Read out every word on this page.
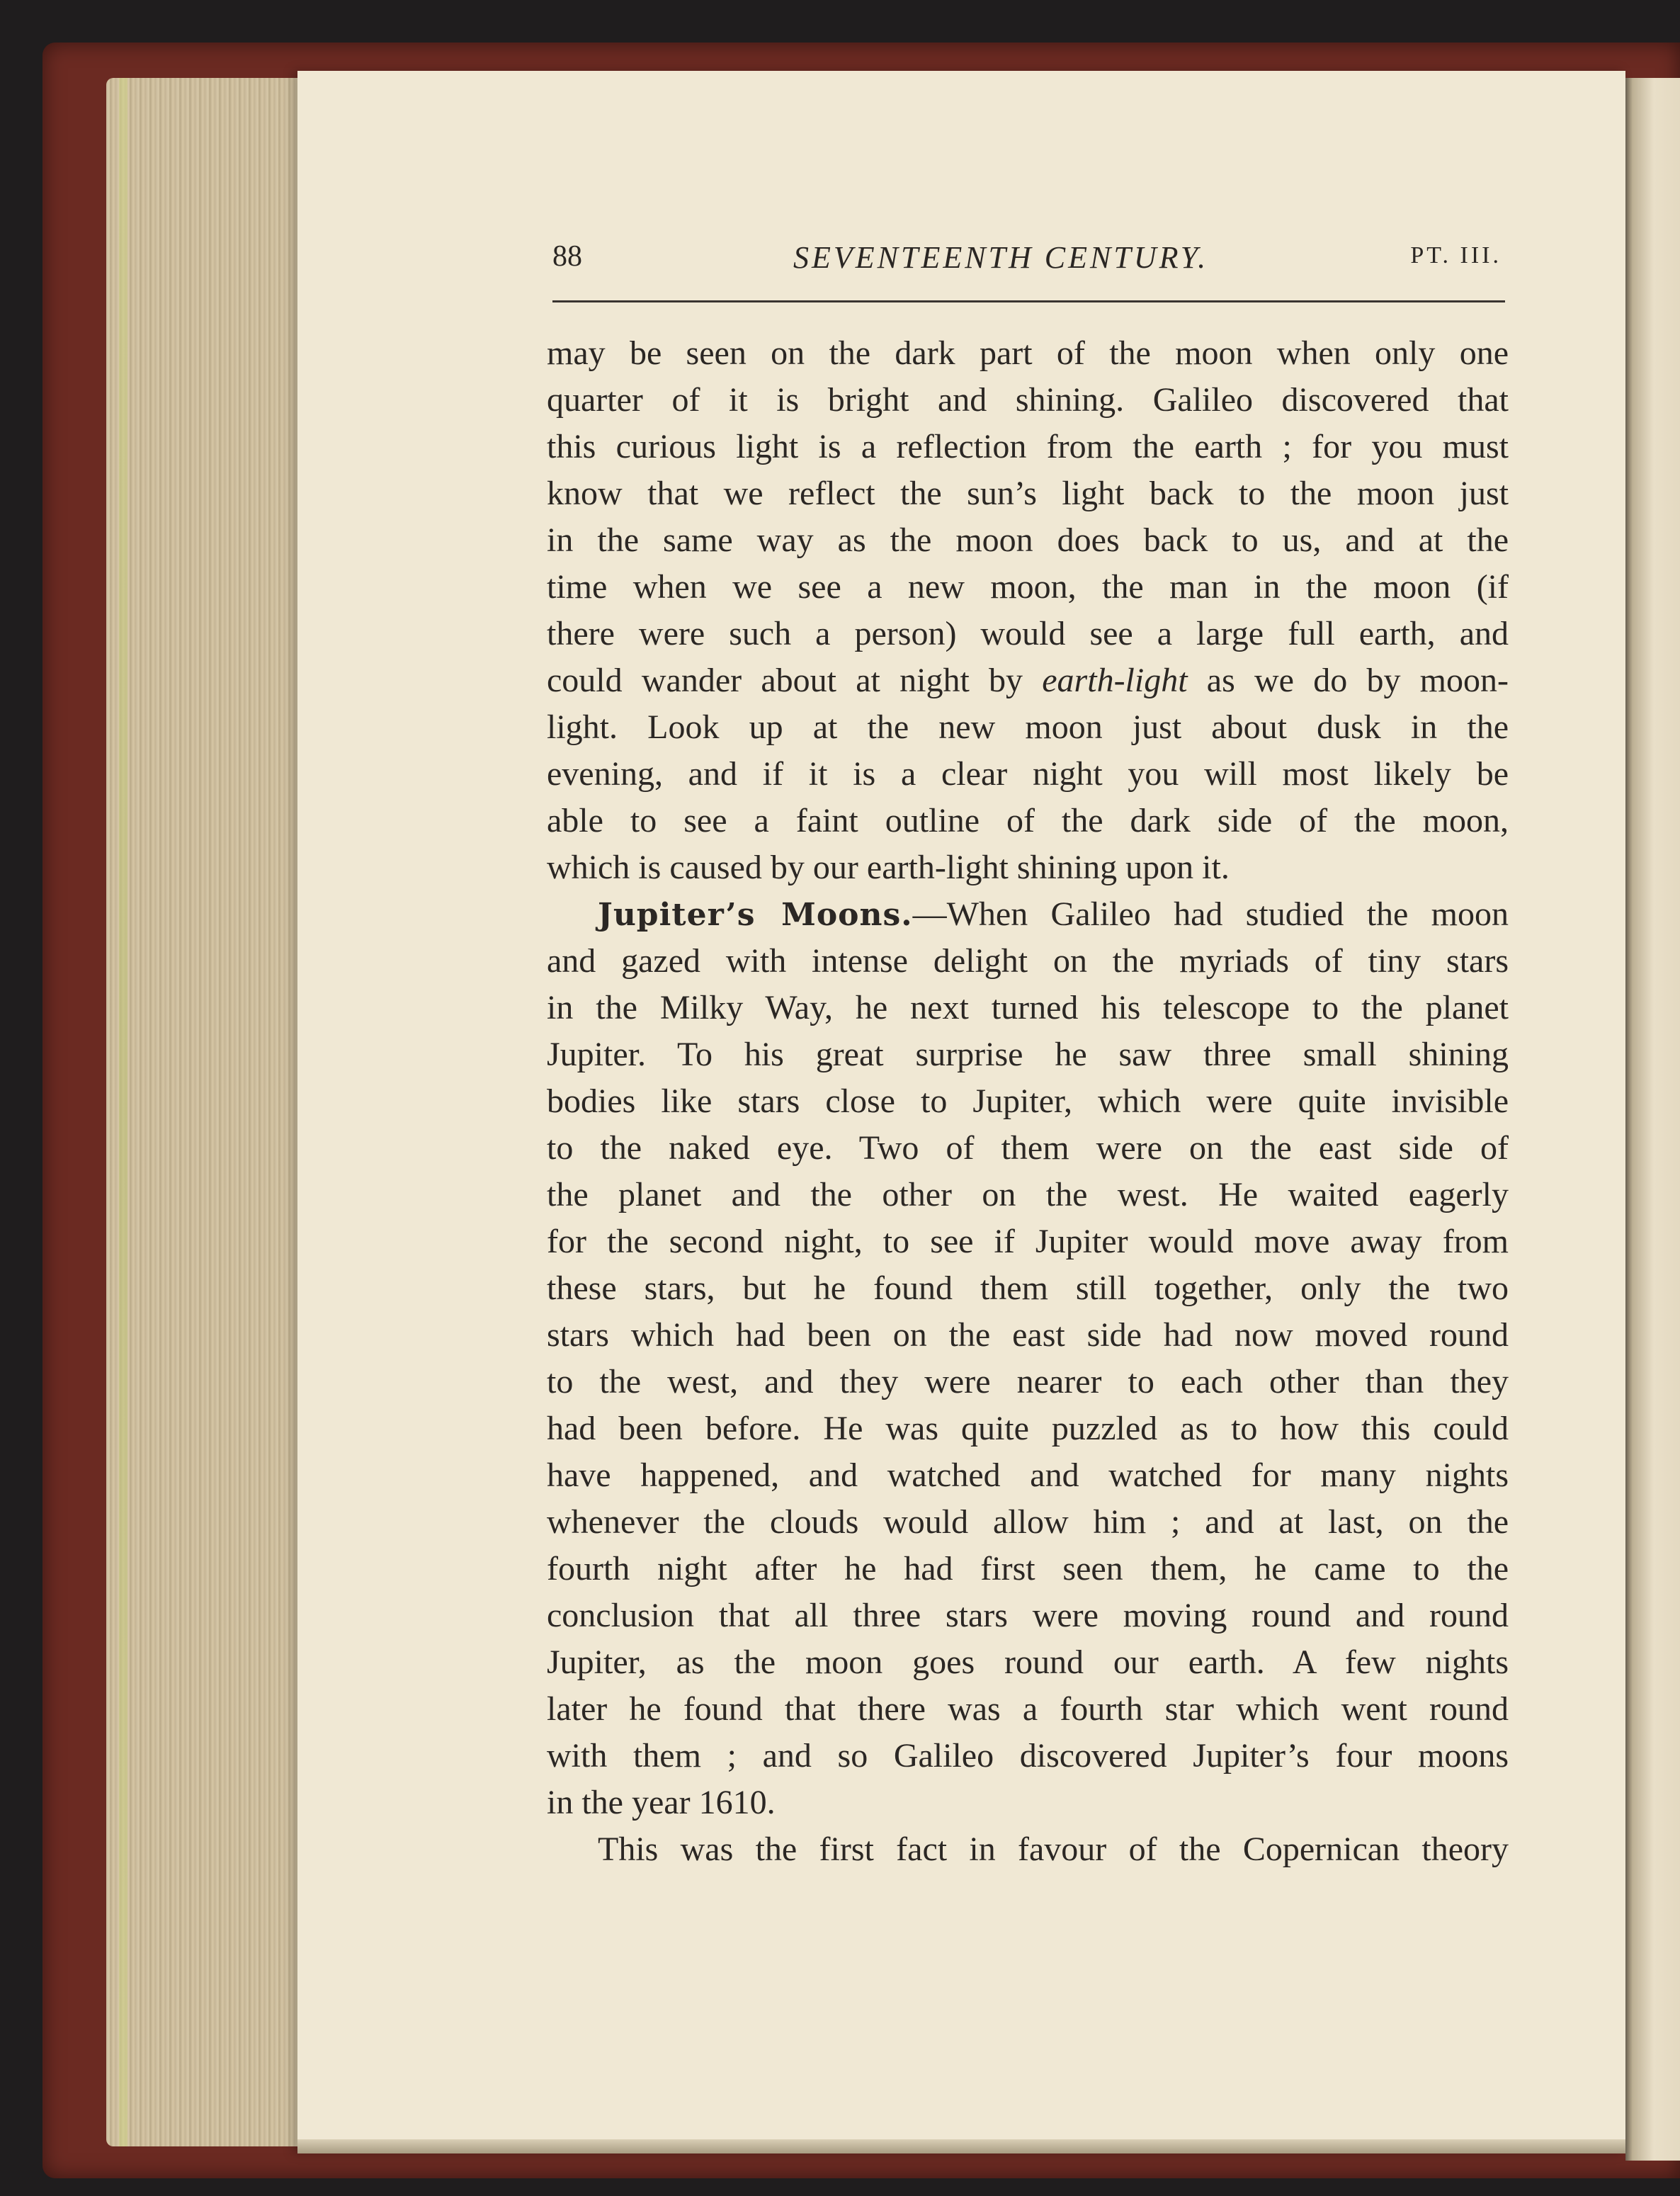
88	SEVENTEENTH CENTURY.	PT. III.
may be seen on the dark part of the moon when only one
quarter of it is bright and shining. Galileo discovered that
this curious light is a reflection from the earth ; for you must
know that we reflect the sun’s light back to the moon just
in the same way as the moon does back to us, and at the
time when we see a new moon, the man in the moon (if
there were such a person) would see a large full earth, and
could wander about at night by earth-light as we do by moon-
light. Look up at the new moon just about dusk in the
evening, and if it is a clear night you will most likely be
able to see a faint outline of the dark side of the moon,
which is caused by our earth-light shining upon it.
Jupiter’s Moons.—When Galileo had studied the moon
and gazed with intense delight on the myriads of tiny stars
in the Milky Way, he next turned his telescope to the planet
Jupiter. To his great surprise he saw three small shining
bodies like stars close to Jupiter, which were quite invisible
to the naked eye. Two of them were on the east side of
the planet and the other on the west. He waited eagerly
for the second night, to see if Jupiter would move away from
these stars, but he found them still together, only the two
stars which had been on the east side had now moved round
to the west, and they were nearer to each other than they
had been before. He was quite puzzled as to how this could
have happened, and watched and watched for many nights
whenever the clouds would allow him ; and at last, on the
fourth night after he had first seen them, he came to the
conclusion that all three stars were moving round and round
Jupiter, as the moon goes round our earth. A few nights
later he found that there was a fourth star which went round
with them ; and so Galileo discovered Jupiter’s four moons
in the year 1610.
This was the first fact in favour of the Copernican theory
